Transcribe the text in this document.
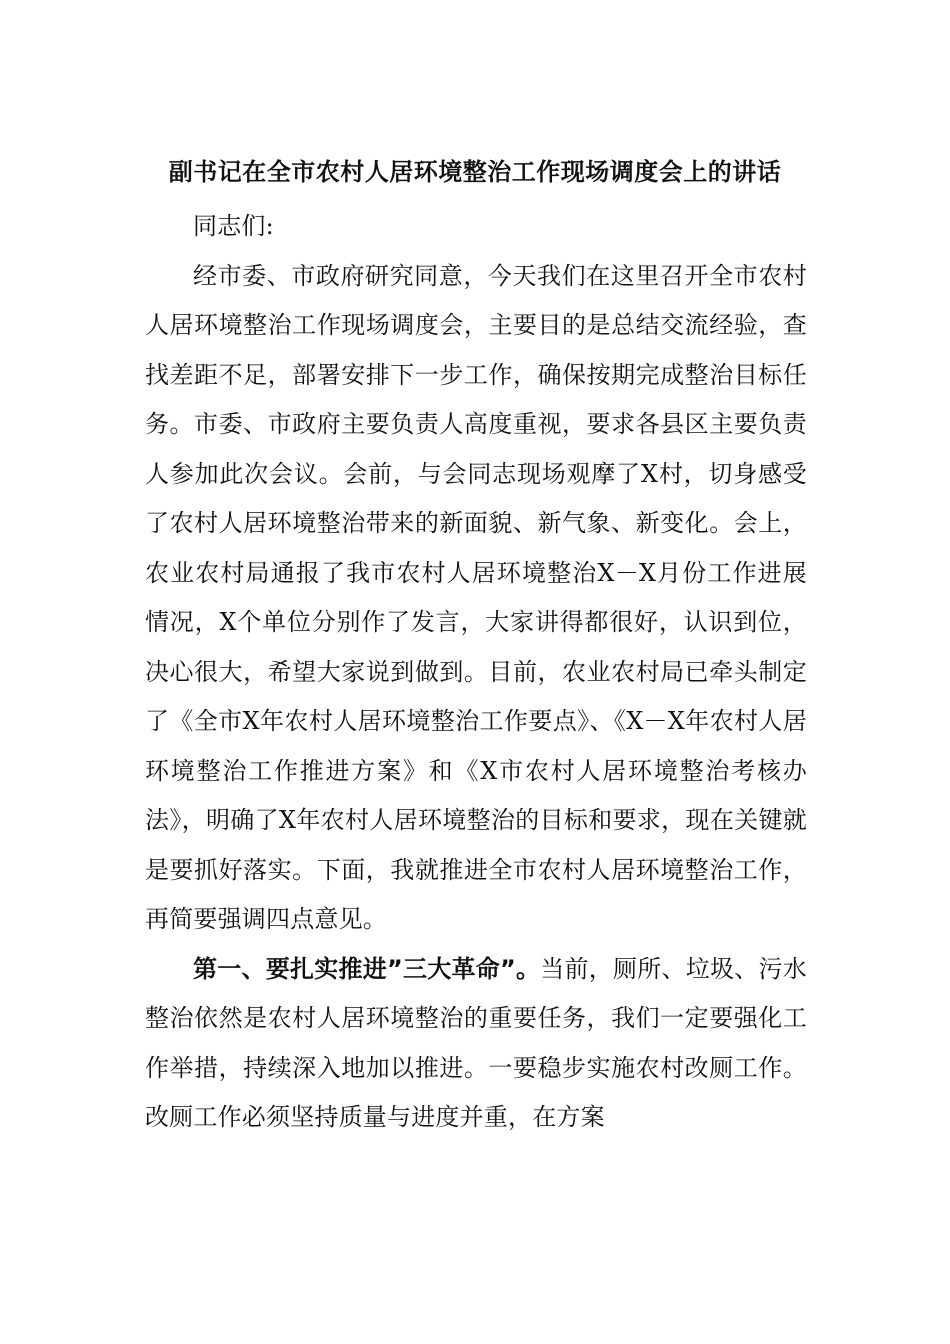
副书记在全市农村人居环境整治工作现场调度会上的讲话

同志们:

经市委、市政府研究同意，今天我们在这里召开全市农村人居环境整治工作现场调度会，主要目的是总结交流经验，查找差距不足，部署安排下一步工作，确保按期完成整治目标任务。市委、市政府主要负责人高度重视，要求各县区主要负责人参加此次会议。会前，与会同志现场观摩了X村，切身感受了农村人居环境整治带来的新面貌、新气象、新变化。会上，农业农村局通报了我市农村人居环境整治X－X月份工作进展情况，X个单位分别作了发言，大家讲得都很好，认识到位，决心很大，希望大家说到做到。目前，农业农村局已牵头制定了《全市X年农村人居环境整治工作要点》、《X－X年农村人居环境整治工作推进方案》和《X市农村人居环境整治考核办法》，明确了X年农村人居环境整治的目标和要求，现在关键就是要抓好落实。下面，我就推进全市农村人居环境整治工作，再简要强调四点意见。

第一、要扎实推进”三大革命”。当前，厕所、垃圾、污水整治依然是农村人居环境整治的重要任务，我们一定要强化工作举措，持续深入地加以推进。一要稳步实施农村改厕工作。改厕工作必须坚持质量与进度并重，在方案
